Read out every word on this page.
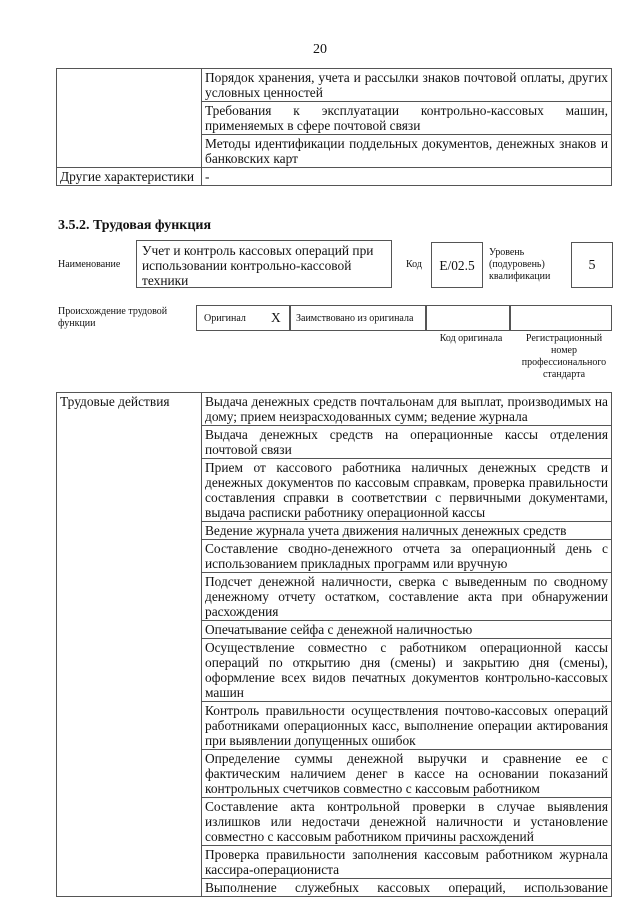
20
	Порядок хранения, учета и рассылки знаков почтовой оплаты, других условных ценностей
	Требования к эксплуатации контрольно-кассовых машин, применяемых в сфере почтовой связи
	Методы идентификации поддельных документов, денежных знаков и банковских карт
Другие характеристики	-
3.5.2. Трудовая функция
Наименование
Учет и контроль кассовых операций при использовании контрольно-кассовой техники
Код	E/02.5
Уровень (подуровень) квалификации
5
Происхождение трудовой функции	Оригинал X Заимствовано из оригинала
Код оригинала	Регистрационный номер профессионального стандарта
Трудовые действия	Выдача денежных средств почтальонам для выплат, производимых на дому; прием неизрасходованных сумм; ведение журнала
Выдача денежных средств на операционные кассы отделения почтовой связи
Прием от кассового работника наличных денежных средств и денежных документов по кассовым справкам, проверка правильности составления справки в соответствии с первичными документами, выдача расписки работнику операционной кассы
Ведение журнала учета движения наличных денежных средств
Составление сводно-денежного отчета за операционный день с использованием прикладных программ или вручную
Подсчет денежной наличности, сверка с выведенным по сводному денежному отчету остатком, составление акта при обнаружении расхождения
Опечатывание сейфа с денежной наличностью
Осуществление совместно с работником операционной кассы операций по открытию дня (смены) и закрытию дня (смены), оформление всех видов печатных документов контрольно-кассовых машин
Контроль правильности осуществления почтово-кассовых операций работниками операционных касс, выполнение операции актирования при выявлении допущенных ошибок
Определение суммы денежной выручки и сравнение ее с фактическим наличием денег в кассе на основании показаний контрольных счетчиков совместно с кассовым работником
Составление акта контрольной проверки в случае выявления излишков или недостачи денежной наличности и установление совместно с кассовым работником причины расхождений
Проверка правильности заполнения кассовым работником журнала кассира-операциониста
Выполнение служебных кассовых операций, использование
